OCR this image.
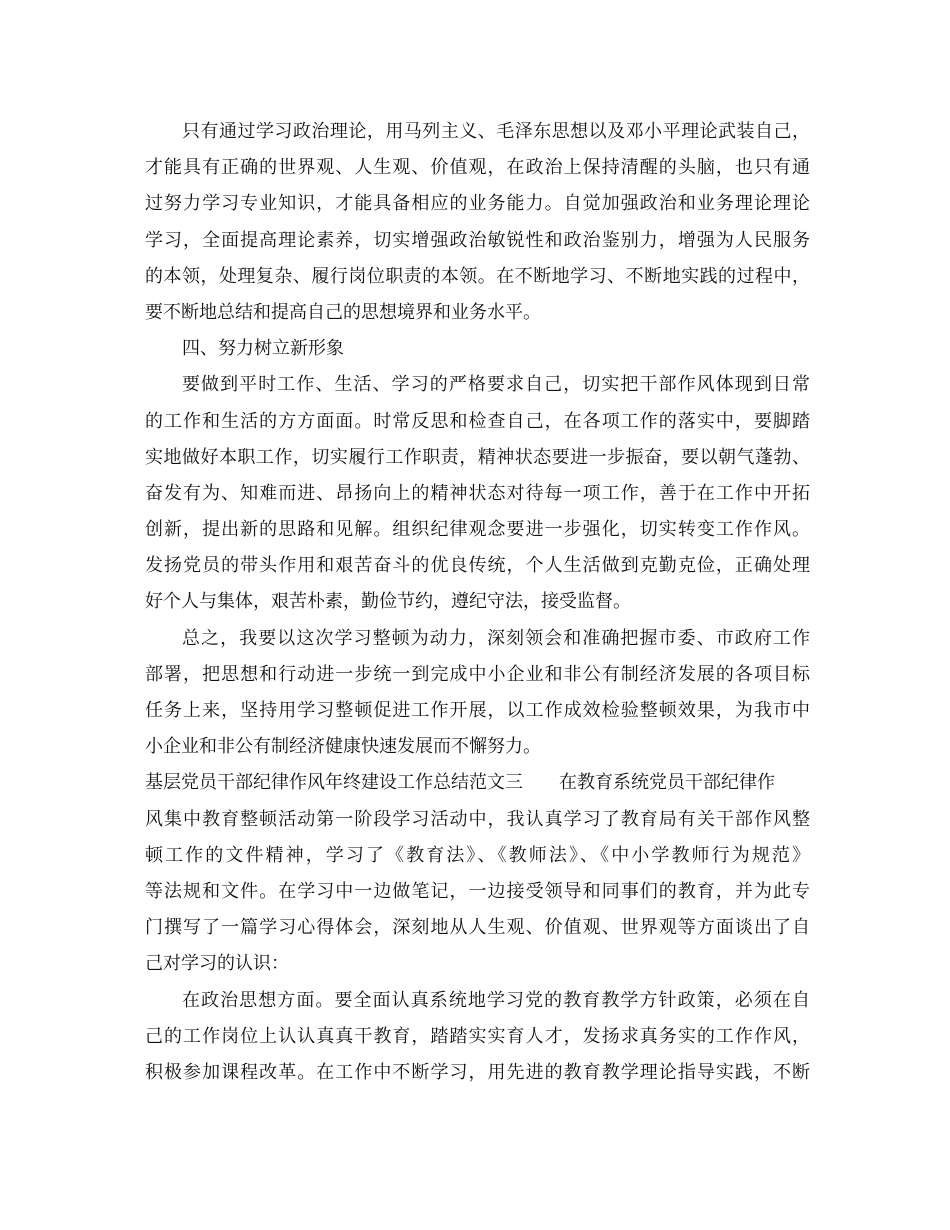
只有通过学习政治理论，用马列主义、毛泽东思想以及邓小平理论武装自己，
才能具有正确的世界观、人生观、价值观，在政治上保持清醒的头脑，也只有通
过努力学习专业知识，才能具备相应的业务能力。自觉加强政治和业务理论理论
学习，全面提高理论素养，切实增强政治敏锐性和政治鉴别力，增强为人民服务
的本领，处理复杂、履行岗位职责的本领。在不断地学习、不断地实践的过程中，
要不断地总结和提高自己的思想境界和业务水平。
四、努力树立新形象
要做到平时工作、生活、学习的严格要求自己，切实把干部作风体现到日常
的工作和生活的方方面面。时常反思和检查自己，在各项工作的落实中，要脚踏
实地做好本职工作，切实履行工作职责，精神状态要进一步振奋，要以朝气蓬勃、
奋发有为、知难而进、昂扬向上的精神状态对待每一项工作，善于在工作中开拓
创新，提出新的思路和见解。组织纪律观念要进一步强化，切实转变工作作风。
发扬党员的带头作用和艰苦奋斗的优良传统，个人生活做到克勤克俭，正确处理
好个人与集体，艰苦朴素，勤俭节约，遵纪守法，接受监督。
总之，我要以这次学习整顿为动力，深刻领会和准确把握市委、市政府工作
部署，把思想和行动进一步统一到完成中小企业和非公有制经济发展的各项目标
任务上来，坚持用学习整顿促进工作开展，以工作成效检验整顿效果，为我市中
小企业和非公有制经济健康快速发展而不懈努力。
基层党员干部纪律作风年终建设工作总结范文三 在教育系统党员干部纪律作
风集中教育整顿活动第一阶段学习活动中，我认真学习了教育局有关干部作风整
顿工作的文件精神，学习了《教育法》、《教师法》、《中小学教师行为规范》
等法规和文件。在学习中一边做笔记，一边接受领导和同事们的教育，并为此专
门撰写了一篇学习心得体会，深刻地从人生观、价值观、世界观等方面谈出了自
己对学习的认识：
在政治思想方面。要全面认真系统地学习党的教育教学方针政策，必须在自
己的工作岗位上认认真真干教育，踏踏实实育人才，发扬求真务实的工作作风，
积极参加课程改革。在工作中不断学习，用先进的教育教学理论指导实践，不断
